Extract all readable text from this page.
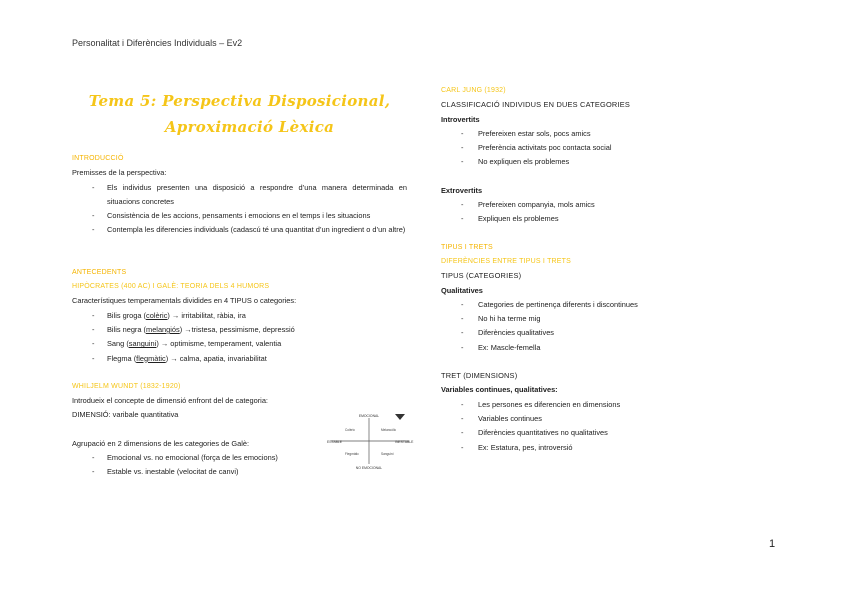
Personalitat i Diferències Individuals – Ev2
Tema 5: Perspectiva Disposicional,
Aproximació Lèxica
INTRODUCCIÓ
Premisses de la perspectiva:
- Els individus presenten una disposició a respondre d’una manera determinada en situacions concretes
- Consistència de les accions, pensaments i emocions en el temps i les situacions
- Contempla les diferencies individuals (cadascú té una quantitat d’un ingredient o d’un altre)
ANTECEDENTS
HIPÒCRATES (400 AC) I GALÈ: TEORIA DELS 4 HUMORS
Característiques temperamentals dividides en 4 TIPUS o categories:
- Bilis groga (colèric) → irritabilitat, ràbia, ira
- Bilis negra (melangiós) →tristesa, pessimisme, depressió
- Sang (sanguini) → optimisme, temperament, valentia
- Flegma (flegmàtic) → calma, apatia, invariabilitat
WHILJELM WUNDT (1832-1920)
Introdueix el concepte de dimensió enfront del de categoria:
DIMENSIÓ: varibale quantitativa
Agrupació en 2 dimensions de les categories de Galè:
- Emocional vs. no emocional (força de les emocions)
- Estable vs. inestable (velocitat de canvi)
EMOCIONAL
NO EMOCIONAL
ESTABLE	INESTABLE
Colèric	Melancòlic
Flegmàtic	Sanguini
CARL JUNG (1932)
CLASSIFICACIÓ INDIVIDUS EN DUES CATEGORIES
Introvertits
- Prefereixen estar sols, pocs amics
- Preferència activitats poc contacta social
- No expliquen els problemes
Extrovertits
- Prefereixen companyia, mols amics
- Expliquen els problemes
TIPUS I TRETS
DIFERÈNCIES ENTRE TIPUS I TRETS
TIPUS (CATEGORIES)
Qualitatives
- Categories de pertinença diferents i discontinues
- No hi ha terme mig
- Diferències qualitatives
- Ex: Mascle-femella
TRET (DIMENSIONS)
Variables continues, qualitatives:
- Les persones es diferencien en dimensions
- Variables continues
- Diferències quantitatives no qualitatives
- Ex: Estatura, pes, introversió
1
